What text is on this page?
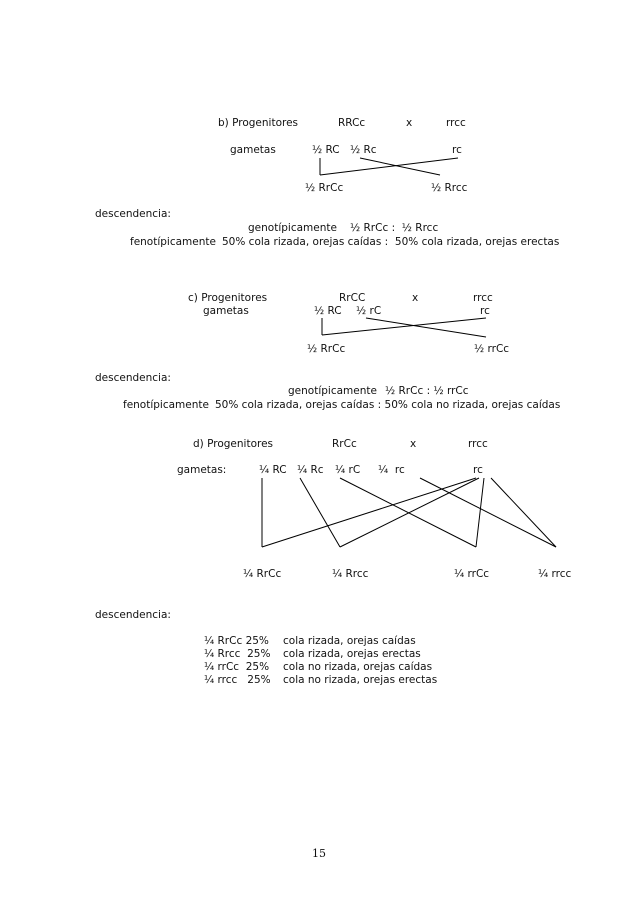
b) Progenitores	RRCc	x	rrcc
gametas	½ RC ½ Rc	rc
½ RrCc	½ Rrcc
descendencia:
genotípicamente ½ RrCc :  ½ Rrcc
fenotípicamente 50% cola rizada, orejas caídas :  50% cola rizada, orejas erectas
c) Progenitores	RrCC	x	rrcc
gametas	½ RC ½ rC	rc
½ RrCc	½ rrCc
descendencia:
genotípicamente ½ RrCc : ½ rrCc
fenotípicamente 50% cola rizada, orejas caídas : 50% cola no rizada, orejas caídas
d) Progenitores	RrCc	x	rrcc
gametas:	¼ RC ¼ Rc ¼ rC ¼  rc	rc
¼ RrCc	¼ Rrcc	¼ rrCc	¼ rrcc
descendencia:
¼ RrCc 25% cola rizada, orejas caídas
¼ Rrcc  25% cola rizada, orejas erectas
¼ rrCc  25% cola no rizada, orejas caídas
¼ rrcc   25% cola no rizada, orejas erectas
15
